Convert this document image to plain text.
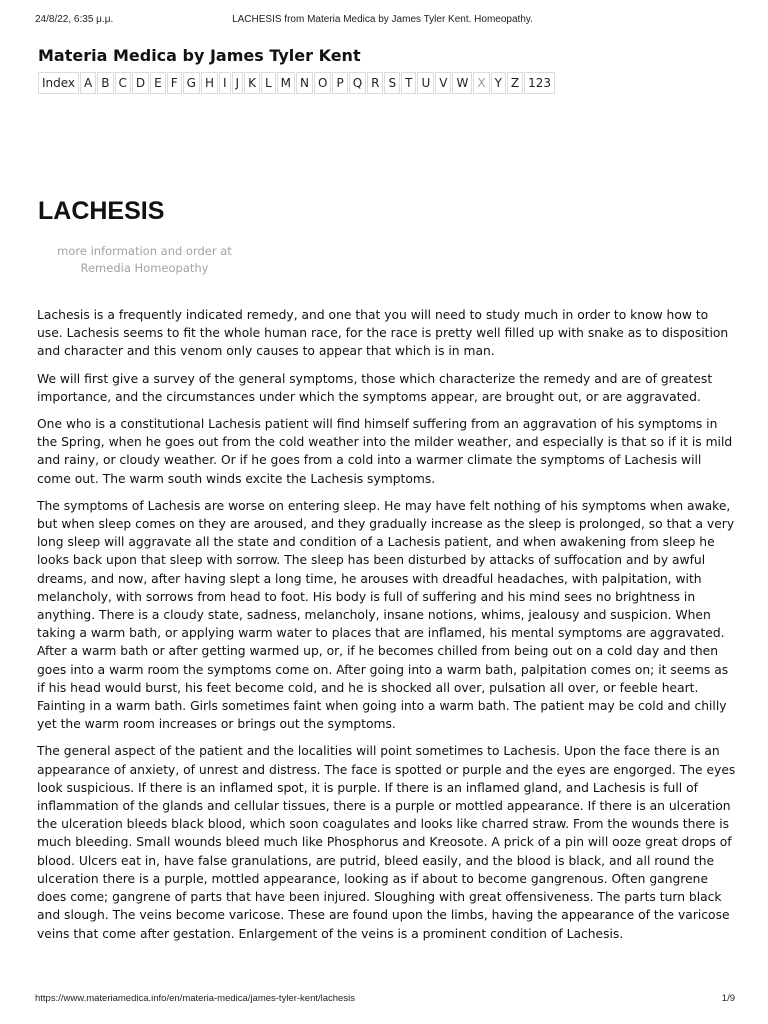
24/8/22, 6:35 μ.μ.	LACHESIS from Materia Medica by James Tyler Kent. Homeopathy.
Materia Medica by James Tyler Kent
Index A B C D E F G H I J K L M N O P Q R S T U V W X Y Z 123
LACHESIS
more information and order at
Remedia Homeopathy

Lachesis is a frequently indicated remedy, and one that you will need to study much in order to know how to use. Lachesis seems to fit the whole human race, for the race is pretty well filled up with snake as to disposition and character and this venom only causes to appear that which is in man.

We will first give a survey of the general symptoms, those which characterize the remedy and are of greatest importance, and the circumstances under which the symptoms appear, are brought out, or are aggravated.

One who is a constitutional Lachesis patient will find himself suffering from an aggravation of his symptoms in the Spring, when he goes out from the cold weather into the milder weather, and especially is that so if it is mild and rainy, or cloudy weather. Or if he goes from a cold into a warmer climate the symptoms of Lachesis will come out. The warm south winds excite the Lachesis symptoms.

The symptoms of Lachesis are worse on entering sleep. He may have felt nothing of his symptoms when awake, but when sleep comes on they are aroused, and they gradually increase as the sleep is prolonged, so that a very long sleep will aggravate all the state and condition of a Lachesis patient, and when awakening from sleep he looks back upon that sleep with sorrow. The sleep has been disturbed by attacks of suffocation and by awful dreams, and now, after having slept a long time, he arouses with dreadful headaches, with palpitation, with melancholy, with sorrows from head to foot. His body is full of suffering and his mind sees no brightness in anything. There is a cloudy state, sadness, melancholy, insane notions, whims, jealousy and suspicion. When taking a warm bath, or applying warm water to places that are inflamed, his mental symptoms are aggravated. After a warm bath or after getting warmed up, or, if he becomes chilled from being out on a cold day and then goes into a warm room the symptoms come on. After going into a warm bath, palpitation comes on; it seems as if his head would burst, his feet become cold, and he is shocked all over, pulsation all over, or feeble heart. Fainting in a warm bath. Girls sometimes faint when going into a warm bath. The patient may be cold and chilly yet the warm room increases or brings out the symptoms.

The general aspect of the patient and the localities will point sometimes to Lachesis. Upon the face there is an appearance of anxiety, of unrest and distress. The face is spotted or purple and the eyes are engorged. The eyes look suspicious. If there is an inflamed spot, it is purple. If there is an inflamed gland, and Lachesis is full of inflammation of the glands and cellular tissues, there is a purple or mottled appearance. If there is an ulceration the ulceration bleeds black blood, which soon coagulates and looks like charred straw. From the wounds there is much bleeding. Small wounds bleed much like Phosphorus and Kreosote. A prick of a pin will ooze great drops of blood. Ulcers eat in, have false granulations, are putrid, bleed easily, and the blood is black, and all round the ulceration there is a purple, mottled appearance, looking as if about to become gangrenous. Often gangrene does come; gangrene of parts that have been injured. Sloughing with great offensiveness. The parts turn black and slough. The veins become varicose. These are found upon the limbs, having the appearance of the varicose veins that come after gestation. Enlargement of the veins is a prominent condition of Lachesis.

https://www.materiamedica.info/en/materia-medica/james-tyler-kent/lachesis	1/9
